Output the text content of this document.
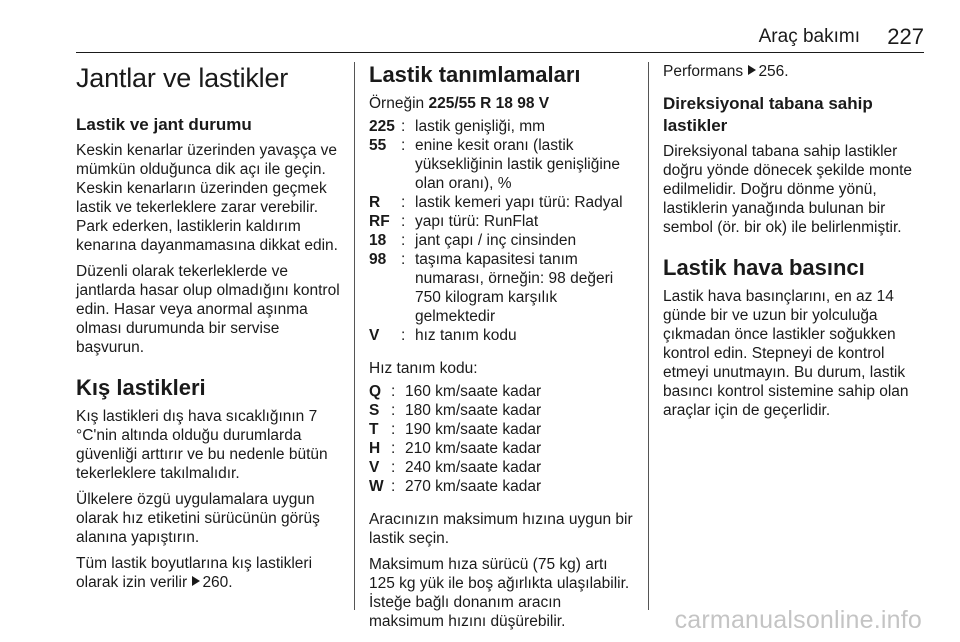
Araç bakımı 227
Jantlar ve lastikler
Lastik ve jant durumu

Keskin kenarlar üzerinden yavaşça ve mümkün olduğunca dik açı ile geçin. Keskin kenarların üzerinden geçmek lastik ve tekerleklere zarar verebilir. Park ederken, lastiklerin kaldırım kenarına dayanmamasına dikkat edin.

Düzenli olarak tekerleklerde ve jantlarda hasar olup olmadığını kontrol edin. Hasar veya anormal aşınma olması durumunda bir servise başvurun.

Kış lastikleri

Kış lastikleri dış hava sıcaklığının 7 °C'nin altında olduğu durumlarda güvenliği arttırır ve bu nedenle bütün tekerleklere takılmalıdır.

Ülkelere özgü uygulamalara uygun olarak hız etiketini sürücünün görüş alanına yapıştırın.

Tüm lastik boyutlarına kış lastikleri olarak izin verilir 260.

Lastik tanımlamaları

Örneğin 225/55 R 18 98 V

225 : lastik genişliği, mm
55 : enine kesit oranı (lastik yüksekliğinin lastik genişliğine olan oranı), %
R	: lastik kemeri yapı türü: Radyal
RF : yapı türü: RunFlat
18 : jant çapı / inç cinsinden
98 : taşıma kapasitesi tanım numarası, örneğin: 98 değeri 750 kilogram karşılık gelmektedir
V	: hız tanım kodu

Hız tanım kodu:

Q : 160 km/saate kadar
S : 180 km/saate kadar
T : 190 km/saate kadar
H : 210 km/saate kadar
V : 240 km/saate kadar
W : 270 km/saate kadar

Aracınızın maksimum hızına uygun bir lastik seçin.

Maksimum hıza sürücü (75 kg) artı 125 kg yük ile boş ağırlıkta ulaşılabilir. İsteğe bağlı donanım aracın maksimum hızını düşürebilir.

Performans 256.

Direksiyonal tabana sahip lastikler

Direksiyonal tabana sahip lastikler doğru yönde dönecek şekilde monte edilmelidir. Doğru dönme yönü, lastiklerin yanağında bulunan bir sembol (ör. bir ok) ile belirlenmiştir.

Lastik hava basıncı

Lastik hava basınçlarını, en az 14 günde bir ve uzun bir yolculuğa çıkmadan önce lastikler soğukken kontrol edin. Stepneyi de kontrol etmeyi unutmayın. Bu durum, lastik basıncı kontrol sistemine sahip olan araçlar için de geçerlidir.

carmanualsonline.info
